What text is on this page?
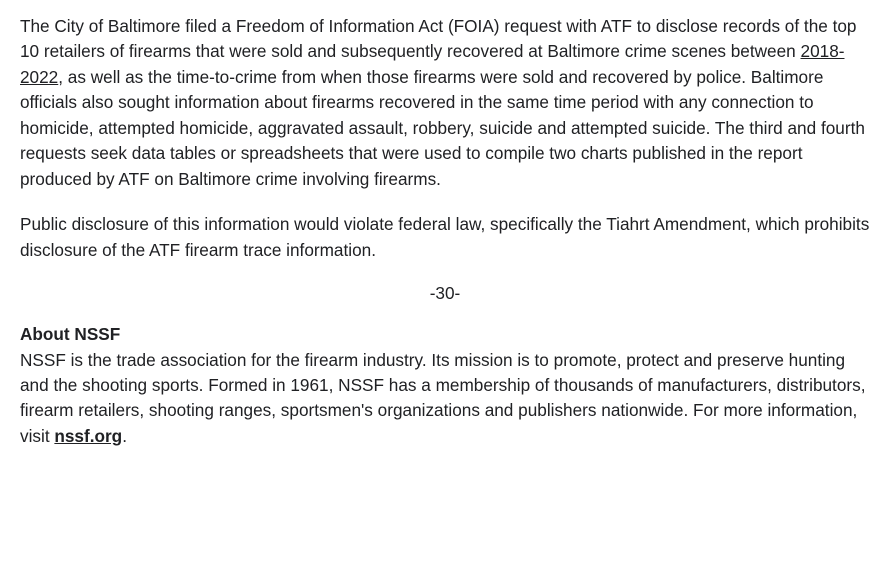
The City of Baltimore filed a Freedom of Information Act (FOIA) request with ATF to disclose records of the top 10 retailers of firearms that were sold and subsequently recovered at Baltimore crime scenes between 2018-2022, as well as the time-to-crime from when those firearms were sold and recovered by police. Baltimore officials also sought information about firearms recovered in the same time period with any connection to homicide, attempted homicide, aggravated assault, robbery, suicide and attempted suicide. The third and fourth requests seek data tables or spreadsheets that were used to compile two charts published in the report produced by ATF on Baltimore crime involving firearms.

Public disclosure of this information would violate federal law, specifically the Tiahrt Amendment, which prohibits disclosure of the ATF firearm trace information.

-30-
About NSSF

NSSF is the trade association for the firearm industry. Its mission is to promote, protect and preserve hunting and the shooting sports. Formed in 1961, NSSF has a membership of thousands of manufacturers, distributors, firearm retailers, shooting ranges, sportsmen's organizations and publishers nationwide. For more information, visit nssf.org.
